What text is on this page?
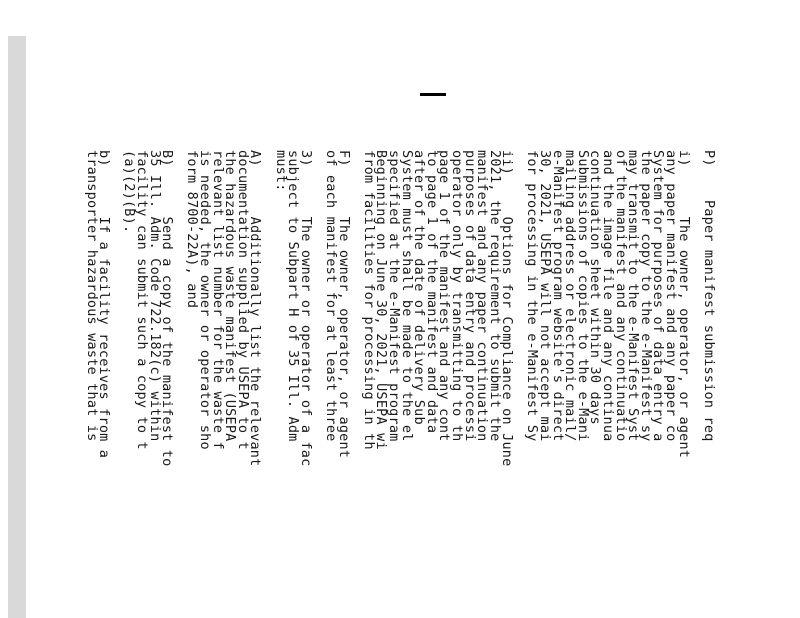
P)    Paper manifest submission req
i)      The owner, operator, or agent
any paper manifest and any paper co
System for purposes of data entry a
the paper copy to the e-Manifest sy
may transmit to the e-Manifest Syst
of the manifest and any continuatio
and the image file and any continua
continuation sheet within 30 days
Submissions of copies to the e-Mani
mailing address or electronic mail/
e-Manifest program website's direct
30, 2021, USEPA will not accept mai
for processing in the e-Manifest Sy
ii)     Options for Compliance on June
2021, the requirement to submit the
manifest and any paper continuation
purposes of data entry and processi
operator only by transmitting to th
page 1 of the manifest and any cont
to page 1 of the manifest and data
after of the date of delivery Sub
System must shall be made to the el
specified at the e-Manifest program
Beginning on June 30, 2021, USEPA wi
from facilities for processing in th
F)      The owner, operator, or agent
of each manifest for at least three
3)      The owner or operator of a fac
subject to Subpart H of 35 Ill. Adm
must:
A)      Additionally list the relevant
documentation supplied by USEPA to t
the hazardous waste manifest (USEPA
relevant list number for the waste f
is needed, the owner or operator sho
form 8700-22A), and
B)      Send a copy of the manifest to
35 Ill. Adm. Code 722.182(c) within
facility can submit such a copy to t
(a)(2)(B).
b)      If a facility receives from a
transporter hazardous waste that is
